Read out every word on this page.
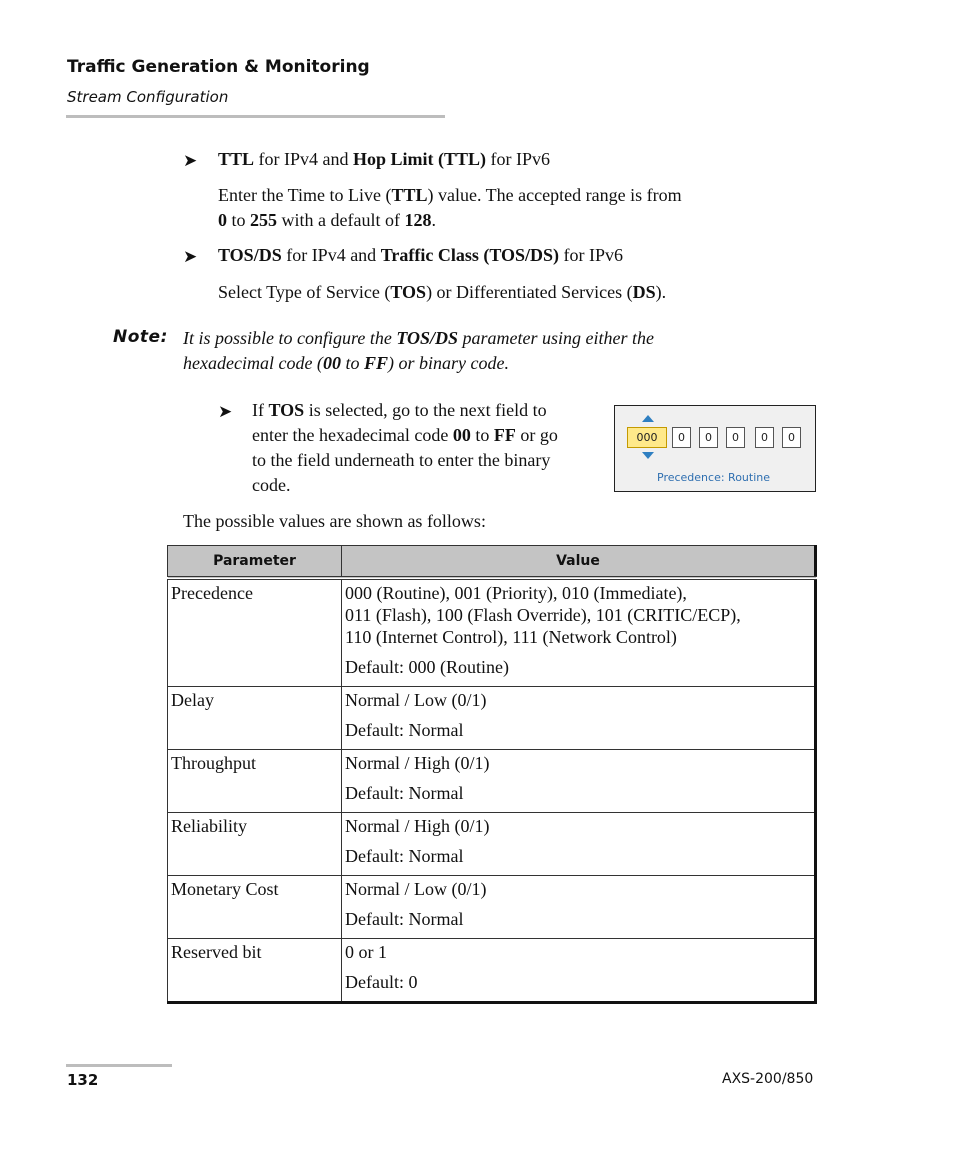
Traffic Generation & Monitoring
Stream Configuration
➤ TTL for IPv4 and Hop Limit (TTL) for IPv6
Enter the Time to Live (TTL) value. The accepted range is from
0 to 255 with a default of 128.
➤ TOS/DS for IPv4 and Traffic Class (TOS/DS) for IPv6
Select Type of Service (TOS) or Differentiated Services (DS).
Note: It is possible to configure the TOS/DS parameter using either the
hexadecimal code (00 to FF) or binary code.
➤ If TOS is selected, go to the next field to
enter the hexadecimal code 00 to FF or go
to the field underneath to enter the binary
code.
000	0	0	0	0	0
Precedence: Routine
The possible values are shown as follows:
Parameter	Value
Precedence	000 (Routine), 001 (Priority), 010 (Immediate),
011 (Flash), 100 (Flash Override), 101 (CRITIC/ECP),
110 (Internet Control), 111 (Network Control)
Default: 000 (Routine)

Delay	Normal / Low (0/1)
Default: Normal

Throughput	Normal / High (0/1)
Default: Normal

Reliability	Normal / High (0/1)
Default: Normal

Monetary Cost	Normal / Low (0/1)
Default: Normal

Reserved bit	0 or 1
Default: 0
132	AXS-200/850
